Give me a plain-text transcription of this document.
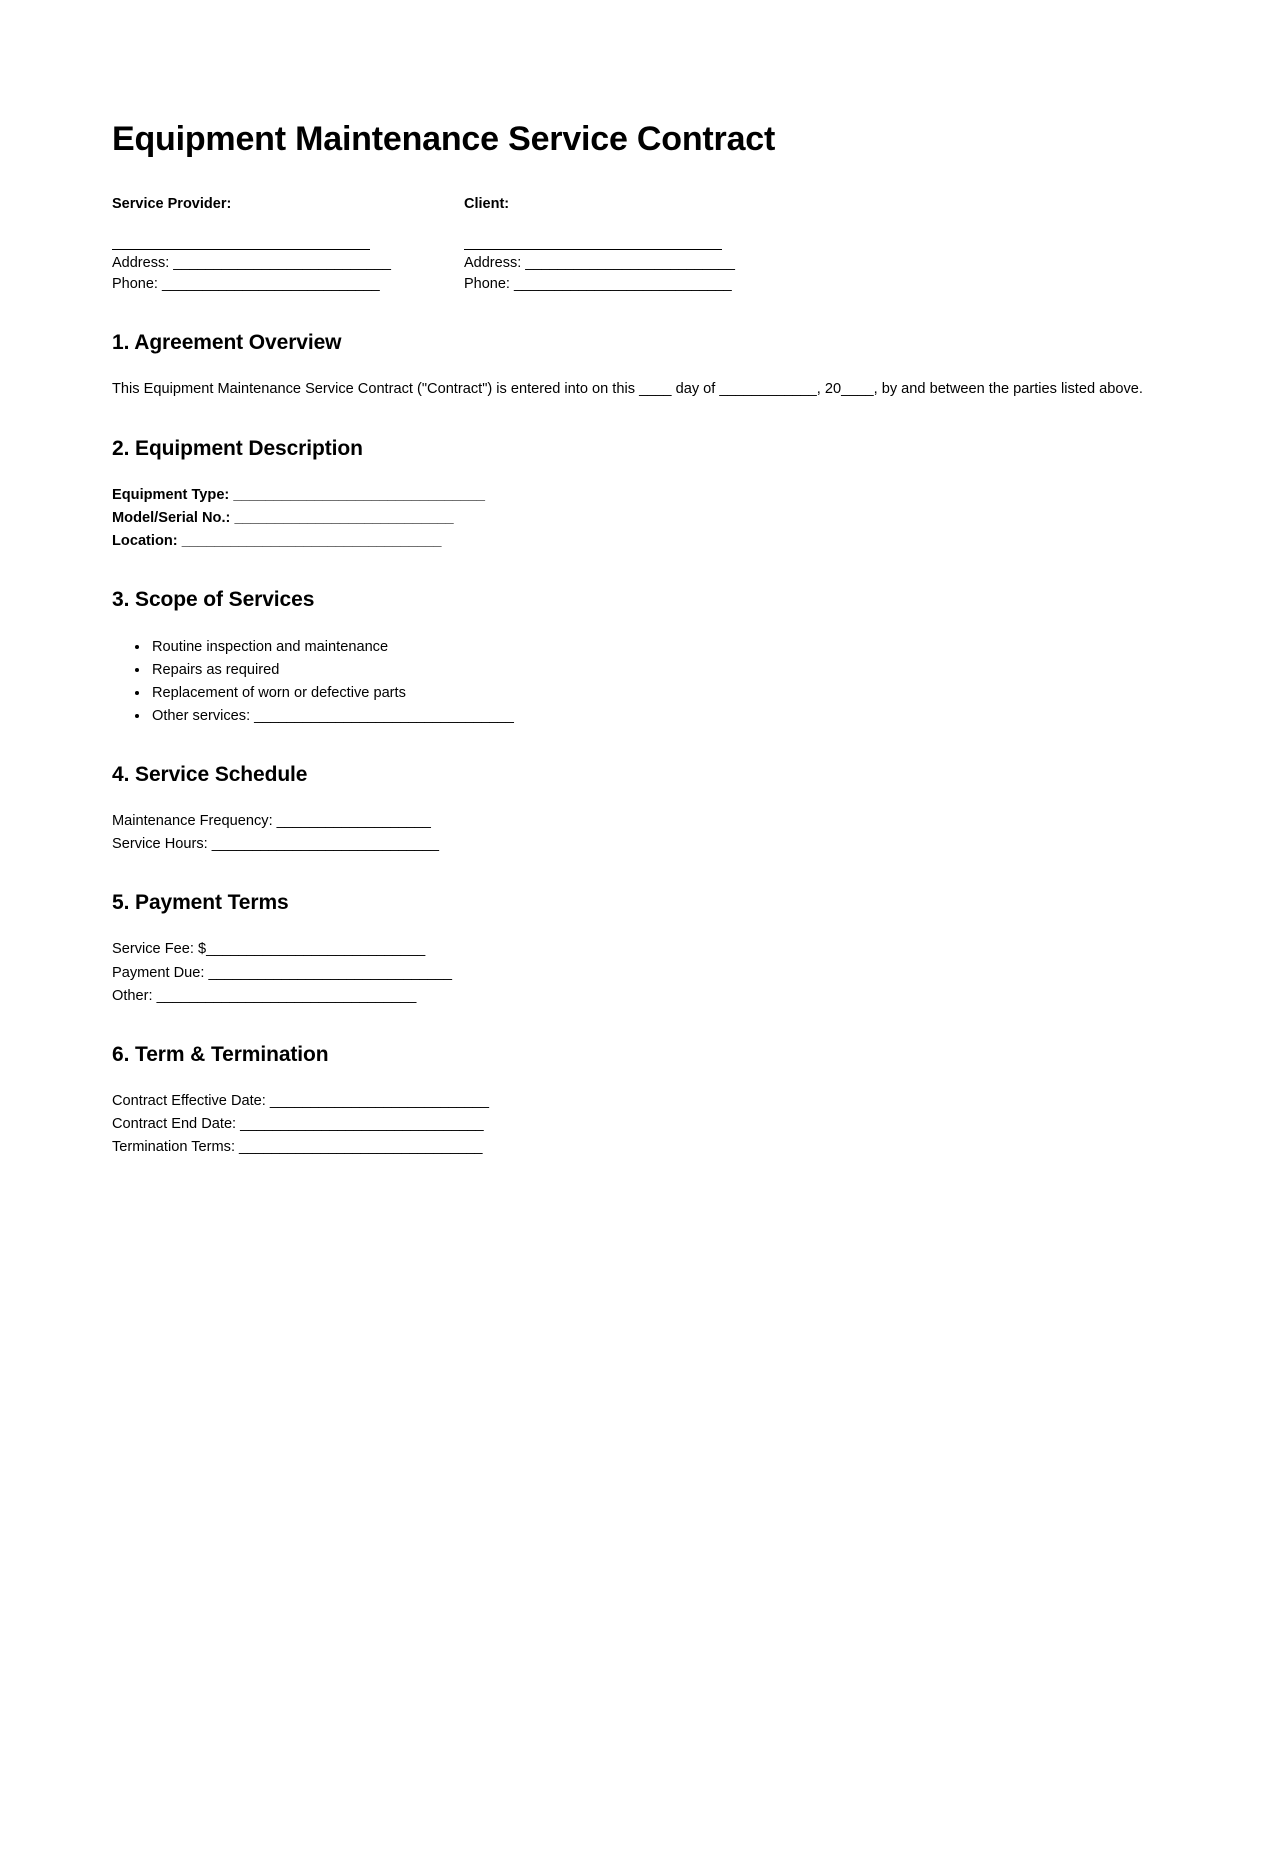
Equipment Maintenance Service Contract
Service Provider:
Address: ___________________________
Phone: ___________________________
Client:
Address: __________________________
Phone: ___________________________
1. Agreement Overview

This Equipment Maintenance Service Contract ("Contract") is entered into on this ____ day of ____________, 20____, by and between the parties listed above.

2. Equipment Description

Equipment Type: _______________________________

Model/Serial No.: ___________________________

Location: ________________________________

3. Scope of Services
• Routine inspection and maintenance
• Repairs as required
• Replacement of worn or defective parts
• Other services: ________________________________
4. Service Schedule

Maintenance Frequency: ___________________

Service Hours: ____________________________

5. Payment Terms

Service Fee: $___________________________

Payment Due: ______________________________

Other: ________________________________

6. Term & Termination

Contract Effective Date: ___________________________

Contract End Date: ______________________________

Termination Terms: ______________________________
